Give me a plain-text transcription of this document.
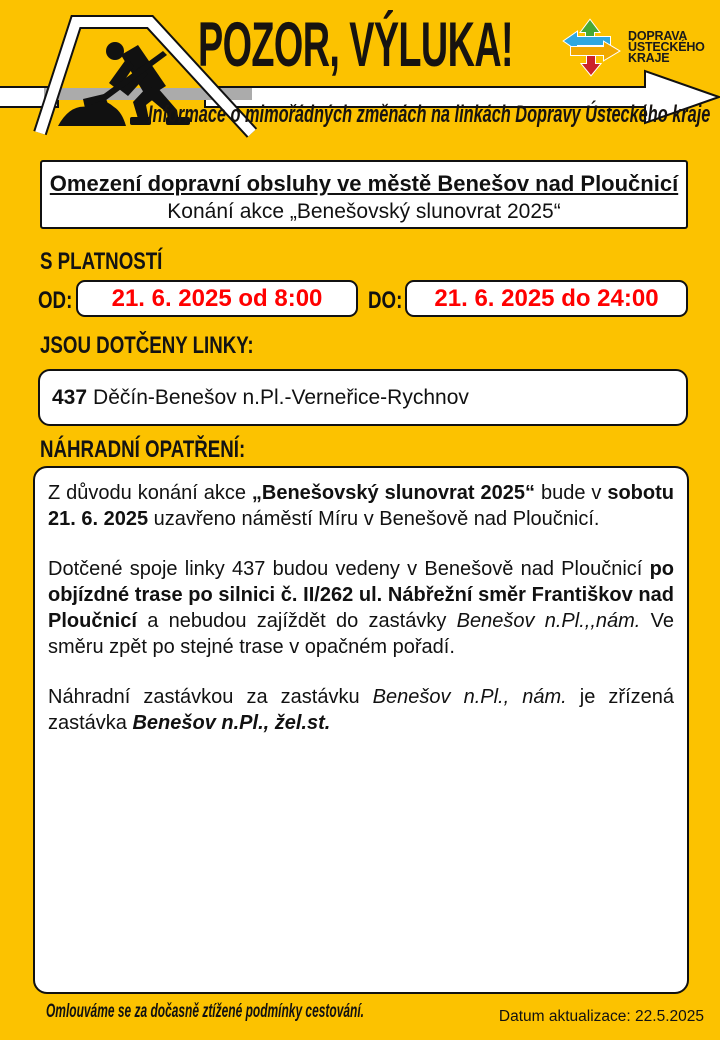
POZOR, VÝLUKA!
Informace o mimořádných změnách na linkách Dopravy Ústeckého kraje
DOPRAVA
ÚSTECKÉHO
KRAJE
Omezení dopravní obsluhy ve městě Benešov nad Ploučnicí
Konání akce „Benešovský slunovrat 2025“
S PLATNOSTÍ
OD:	21. 6. 2025 od 8:00 DO:	21. 6. 2025 do 24:00
JSOU DOTČENY LINKY:
437 Děčín-Benešov n.Pl.-Verneřice-Rychnov
NÁHRADNÍ OPATŘENÍ:

Z důvodu konání akce „Benešovský slunovrat 2025“ bude v sobotu 21. 6. 2025 uzavřeno náměstí Míru v Benešově nad Ploučnicí.

Dotčené spoje linky 437 budou vedeny v Benešově nad Ploučnicí po objízdné trase po silnici č. II/262 ul. Nábřežní směr Františkov nad Ploučnicí a nebudou zajíždět do zastávky Benešov n.Pl.,,nám. Ve směru zpět po stejné trase v opačném pořadí.

Náhradní zastávkou za zastávku Benešov n.Pl., nám. je zřízená zastávka Benešov n.Pl., žel.st.

Omlouváme se za dočasně ztížené podmínky cestování.	Datum aktualizace: 22.5.2025
